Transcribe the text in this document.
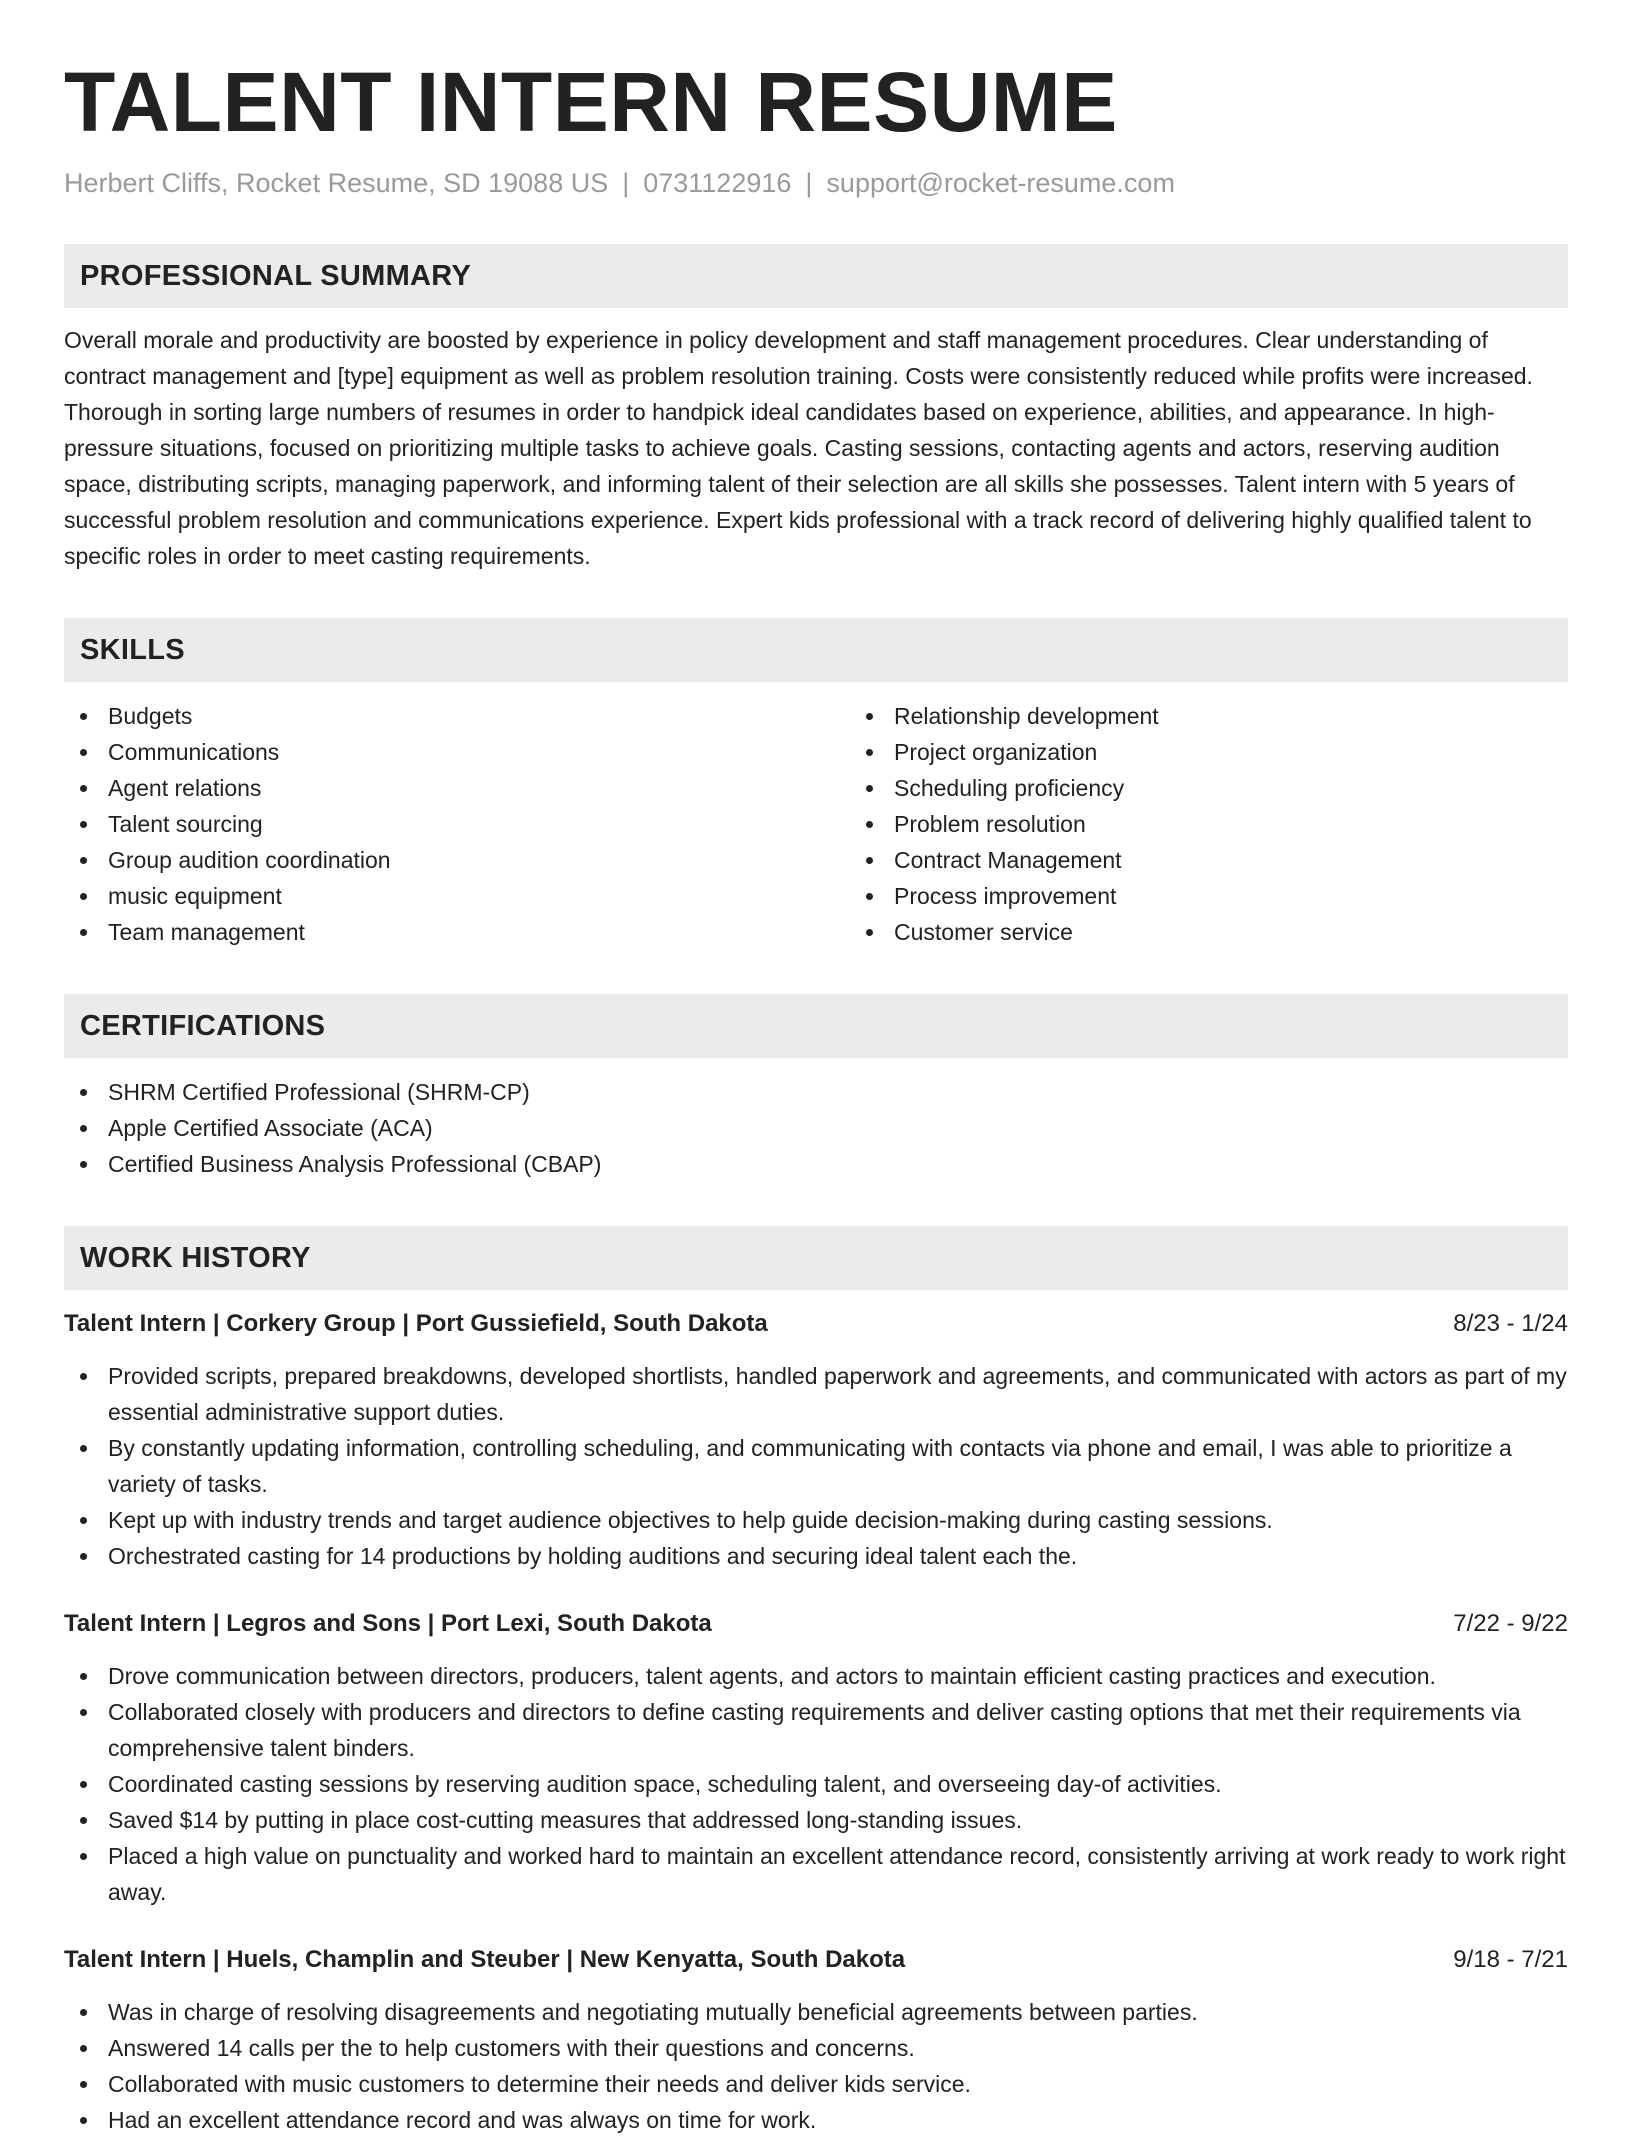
TALENT INTERN RESUME
Herbert Cliffs, Rocket Resume, SD 19088 US | 0731122916 | support@rocket-resume.com
PROFESSIONAL SUMMARY

Overall morale and productivity are boosted by experience in policy development and staff management procedures. Clear understanding of contract management and [type] equipment as well as problem resolution training. Costs were consistently reduced while profits were increased. Thorough in sorting large numbers of resumes in order to handpick ideal candidates based on experience, abilities, and appearance. In high-pressure situations, focused on prioritizing multiple tasks to achieve goals. Casting sessions, contacting agents and actors, reserving audition space, distributing scripts, managing paperwork, and informing talent of their selection are all skills she possesses. Talent intern with 5 years of successful problem resolution and communications experience. Expert kids professional with a track record of delivering highly qualified talent to specific roles in order to meet casting requirements.

SKILLS
Budgets
Communications
Agent relations
Talent sourcing
Group audition coordination
music equipment
Team management
Relationship development
Project organization
Scheduling proficiency
Problem resolution
Contract Management
Process improvement
Customer service
CERTIFICATIONS
SHRM Certified Professional (SHRM-CP)
Apple Certified Associate (ACA)
Certified Business Analysis Professional (CBAP)
WORK HISTORY
Talent Intern | Corkery Group | Port Gussiefield, South Dakota	8/23 - 1/24
Provided scripts, prepared breakdowns, developed shortlists, handled paperwork and agreements, and communicated with actors as part of my essential administrative support duties.
By constantly updating information, controlling scheduling, and communicating with contacts via phone and email, I was able to prioritize a variety of tasks.
Kept up with industry trends and target audience objectives to help guide decision-making during casting sessions.
Orchestrated casting for 14 productions by holding auditions and securing ideal talent each the.
Talent Intern | Legros and Sons | Port Lexi, South Dakota	7/22 - 9/22
Drove communication between directors, producers, talent agents, and actors to maintain efficient casting practices and execution.
Collaborated closely with producers and directors to define casting requirements and deliver casting options that met their requirements via comprehensive talent binders.
Coordinated casting sessions by reserving audition space, scheduling talent, and overseeing day-of activities.
Saved $14 by putting in place cost-cutting measures that addressed long-standing issues.
Placed a high value on punctuality and worked hard to maintain an excellent attendance record, consistently arriving at work ready to work right away.
Talent Intern | Huels, Champlin and Steuber | New Kenyatta, South Dakota	9/18 - 7/21
Was in charge of resolving disagreements and negotiating mutually beneficial agreements between parties.
Answered 14 calls per the to help customers with their questions and concerns.
Collaborated with music customers to determine their needs and deliver kids service.
Had an excellent attendance record and was always on time for work.
